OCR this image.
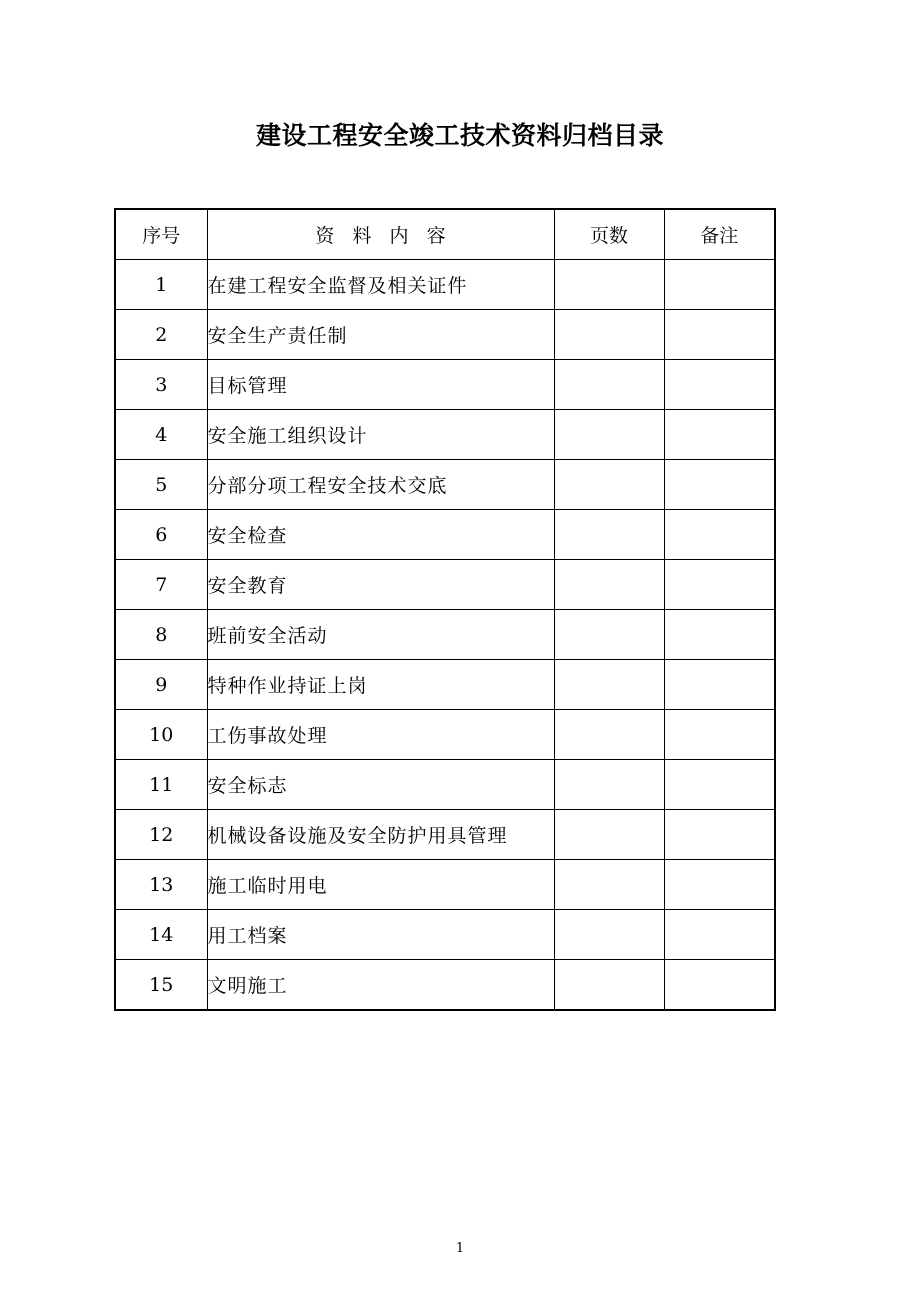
建设工程安全竣工技术资料归档目录
序号	资   料   内   容	页数	备注
1	在建工程安全监督及相关证件		
2	安全生产责任制		
3	目标管理		
4	安全施工组织设计		
5	分部分项工程安全技术交底		
6	安全检查		
7	安全教育		
8	班前安全活动		
9	特种作业持证上岗		
10	工伤事故处理		
11	安全标志		
12	机械设备设施及安全防护用具管理		
13	施工临时用电		
14	用工档案		
15	文明施工		
1
